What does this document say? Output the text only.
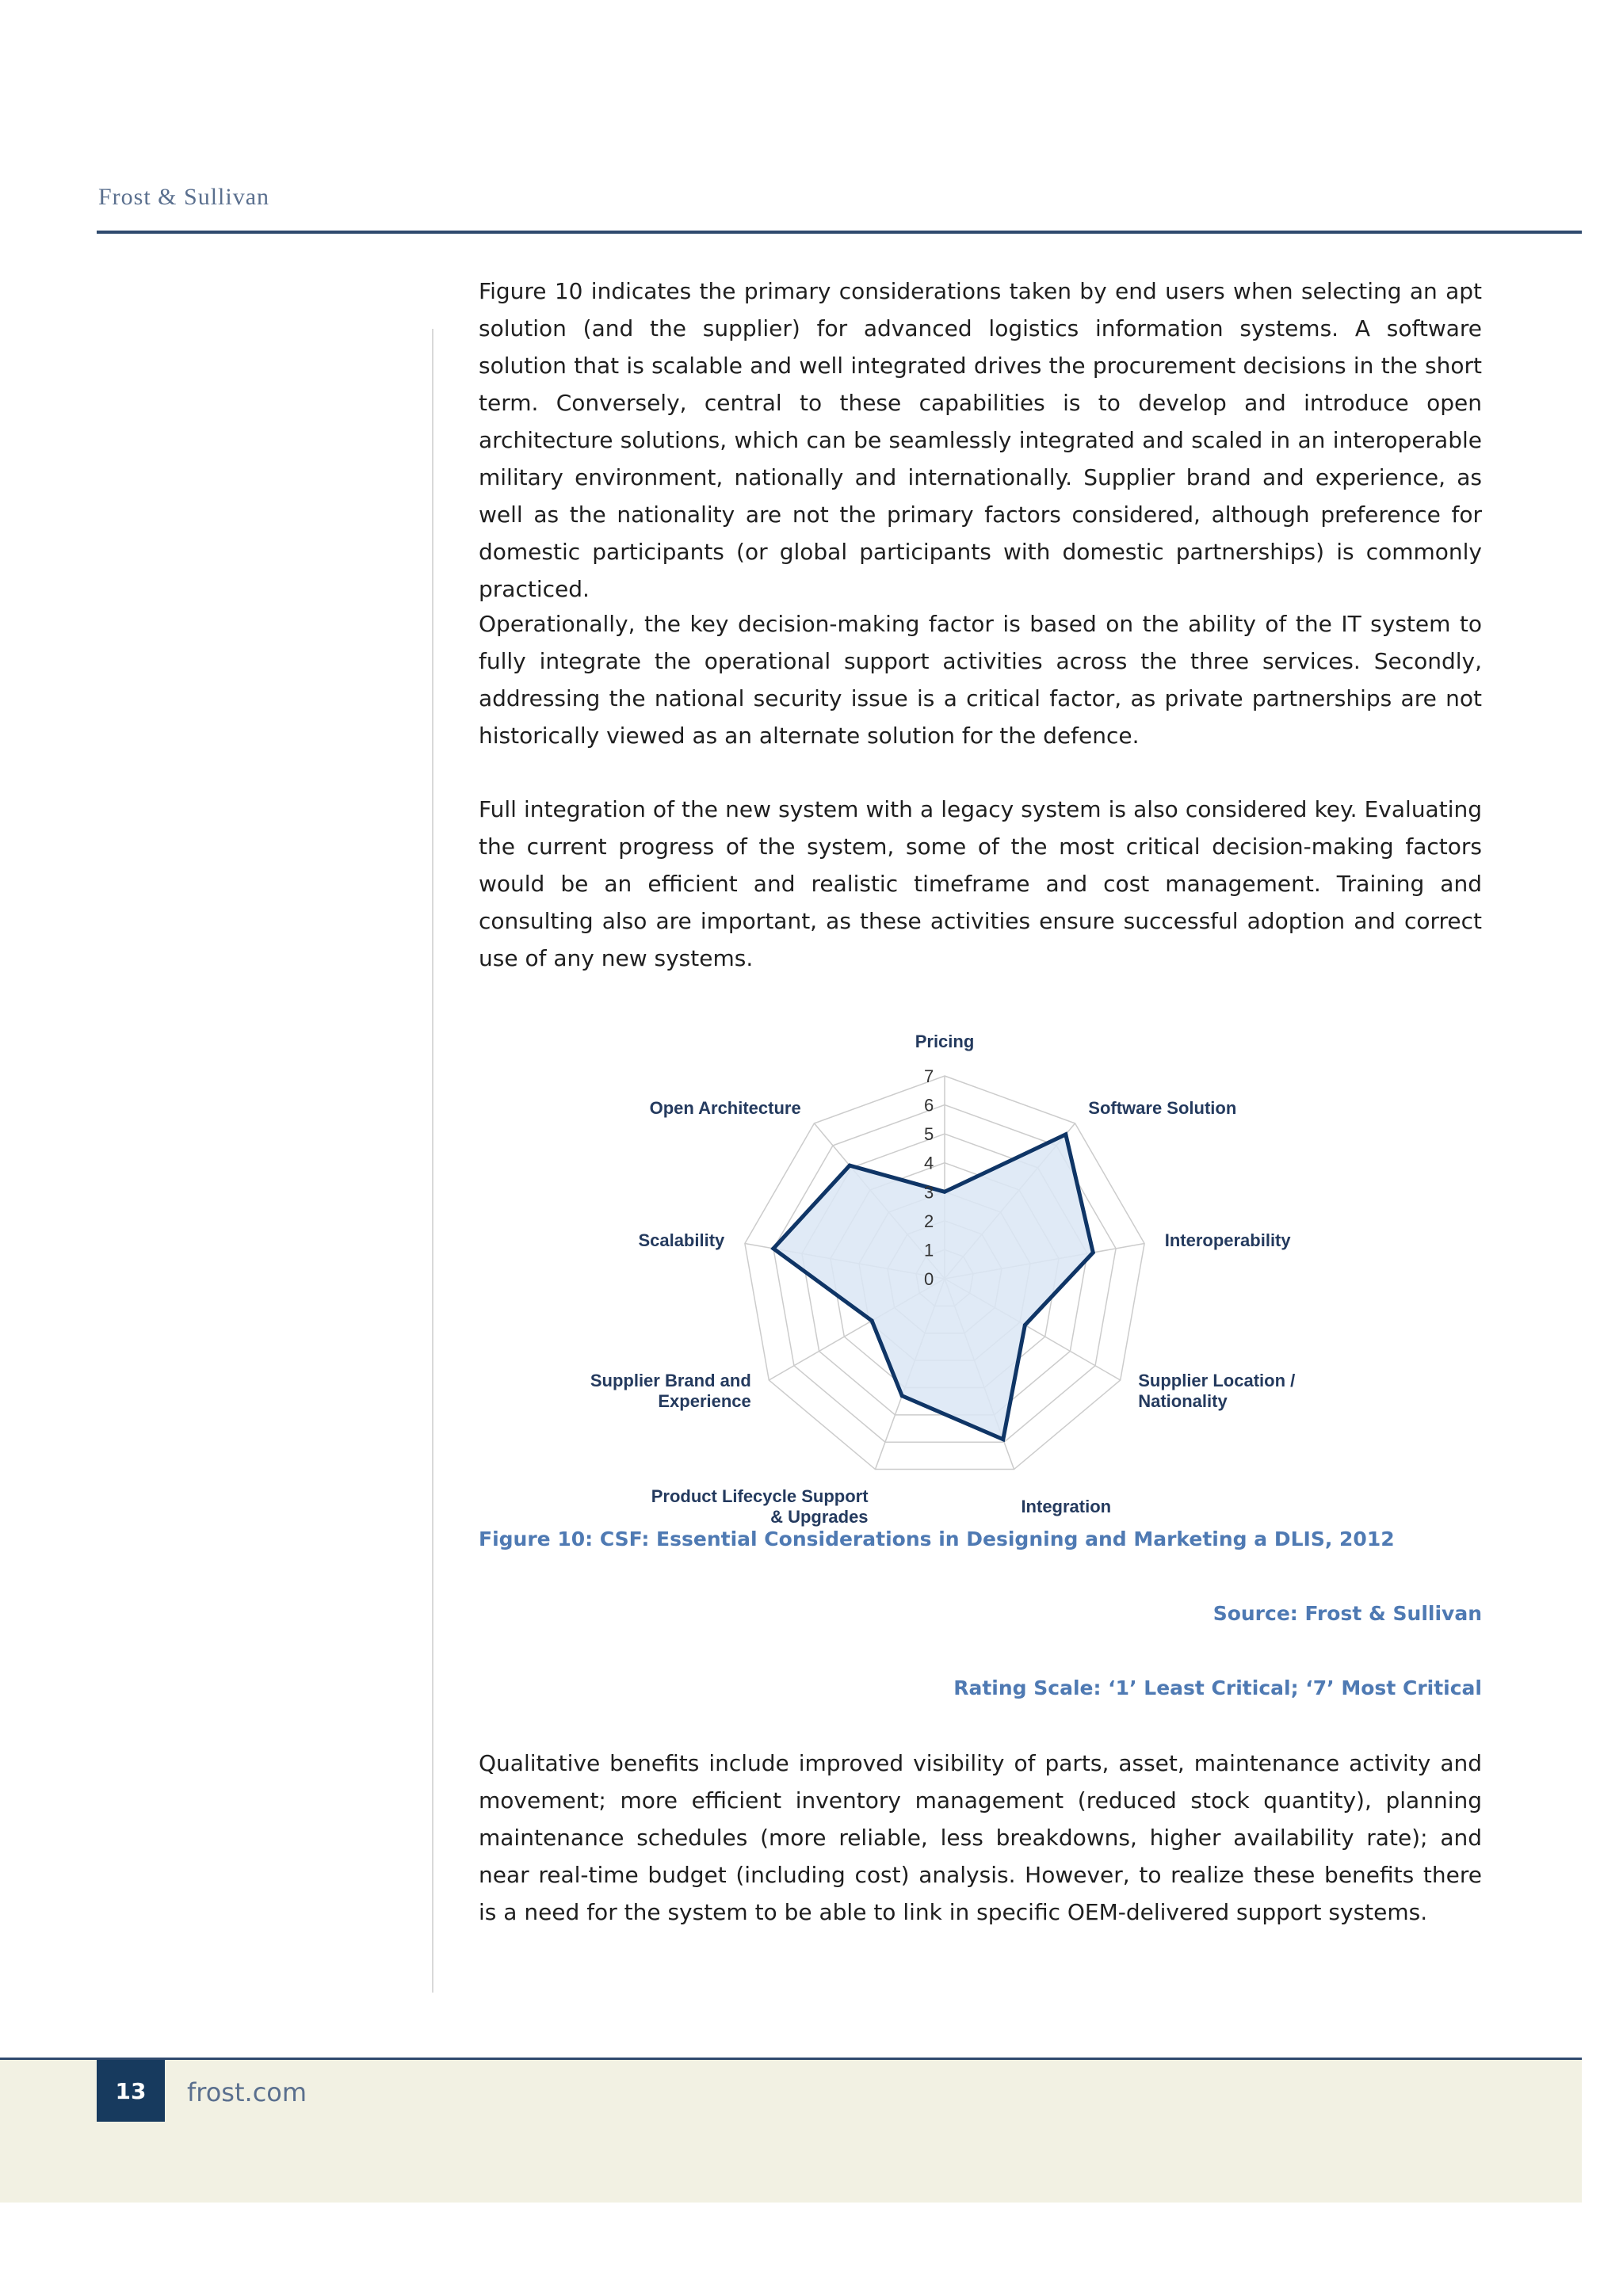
Frost & Sullivan

Figure 10 indicates the primary considerations taken by end users when selecting an apt solution (and the supplier) for advanced logistics information systems. A software solution that is scalable and well integrated drives the procurement decisions in the short term. Conversely, central to these capabilities is to develop and introduce open architecture solutions, which can be seamlessly integrated and scaled in an interoperable military environment, nationally and internationally. Supplier brand and experience, as well as the nationality are not the primary factors considered, although preference for domestic participants (or global participants with domestic partnerships) is commonly practiced.

Operationally, the key decision-making factor is based on the ability of the IT system to fully integrate the operational support activities across the three services. Secondly, addressing the national security issue is a critical factor, as private partnerships are not historically viewed as an alternate solution for the defence.

Full integration of the new system with a legacy system is also considered key. Evaluating the current progress of the system, some of the most critical decision-making factors would be an efficient and realistic timeframe and cost management. Training and consulting also are important, as these activities ensure successful adoption and correct use of any new systems.

0
1
2
3
4
5
6
7
Pricing
Software Solution
Interoperability
Supplier Location / Nationality
Integration
Product Lifecycle Support & Upgrades
Supplier Brand and Experience
Scalability
Open Architecture
Figure 10: CSF: Essential Considerations in Designing and Marketing a DLIS, 2012
Source: Frost & Sullivan
Rating Scale: ‘1’ Least Critical; ‘7’ Most Critical

Qualitative benefits include improved visibility of parts, asset, maintenance activity and movement; more efficient inventory management (reduced stock quantity), planning maintenance schedules (more reliable, less breakdowns, higher availability rate); and near real-time budget (including cost) analysis. However, to realize these benefits there is a need for the system to be able to link in specific OEM-delivered support systems.

13	frost.com
